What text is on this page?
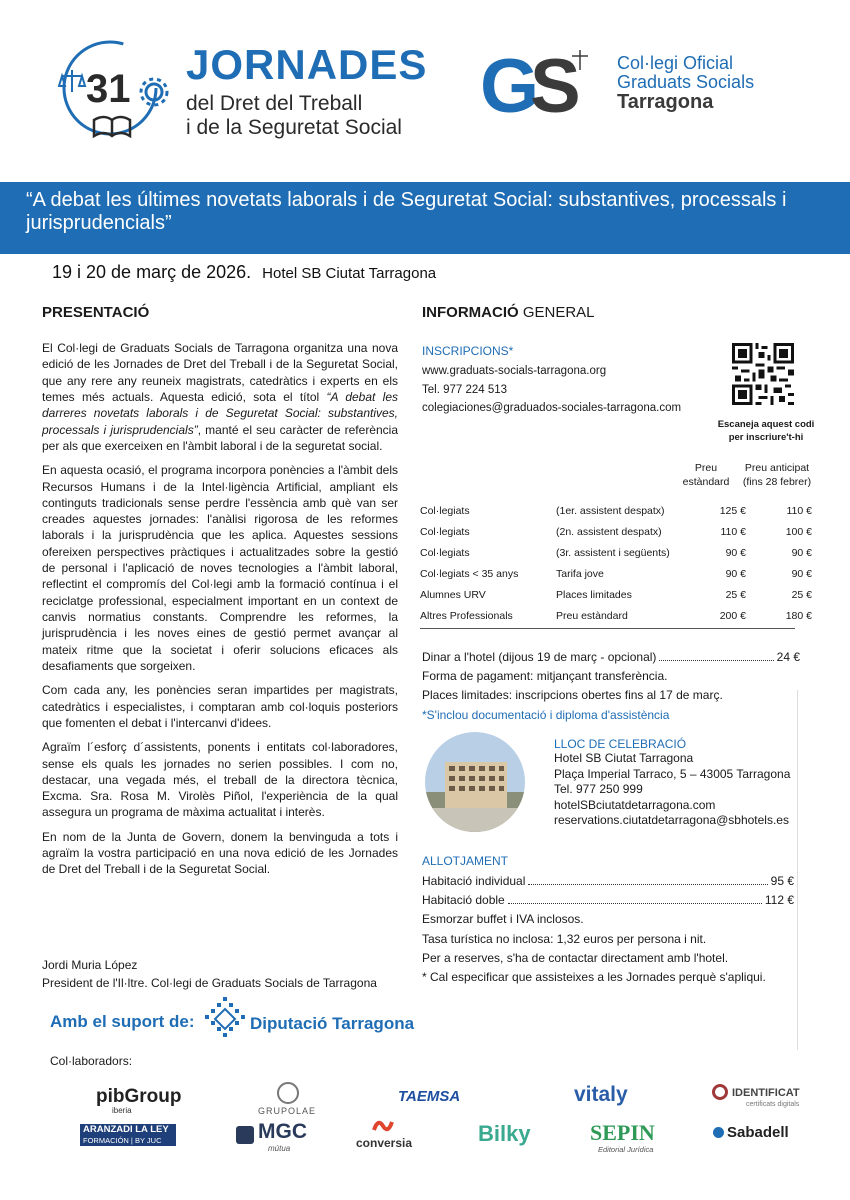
31
JORNADES
del Dret del Treball
i de la Seguretat Social G
S Col·legi Oficial
Graduats Socials
Tarragona
“A debat les últimes novetats laborals i de Seguretat Social: substantives, processals i jurisprudencials”
19 i 20 de març de 2026. Hotel SB Ciutat Tarragona
PRESENTACIÓ

El Col·legi de Graduats Socials de Tarragona organitza una nova edició de les Jornades de Dret del Treball i de la Seguretat Social, que any rere any reuneix magistrats, catedràtics i experts en els temes més actuals. Aquesta edició, sota el títol “A debat les darreres novetats laborals i de Seguretat Social: substantives, processals i jurisprudencials”, manté el seu caràcter de referència per als que exerceixen en l'àmbit laboral i de la seguretat social.

En aquesta ocasió, el programa incorpora ponències a l'àmbit dels Recursos Humans i de la Intel·ligència Artificial, ampliant els continguts tradicionals sense perdre l'essència amb què van ser creades aquestes jornades: l'anàlisi rigorosa de les reformes laborals i la jurisprudència que les aplica. Aquestes sessions ofereixen perspectives pràctiques i actualitzades sobre la gestió de personal i l'aplicació de noves tecnologies a l'àmbit laboral, reflectint el compromís del Col·legi amb la formació contínua i el reciclatge professional, especialment important en un context de canvis normatius constants. Comprendre les reformes, la jurisprudència i les noves eines de gestió permet avançar al mateix ritme que la societat i oferir solucions eficaces als desafiaments que sorgeixen.

Com cada any, les ponències seran impartides per magistrats, catedràtics i especialistes, i comptaran amb col·loquis posteriors que fomenten el debat i l'intercanvi d'idees.

Agraïm l´esforç d´assistents, ponents i entitats col·laboradores, sense els quals les jornades no serien possibles. I com no, destacar, una vegada més, el treball de la directora tècnica, Excma. Sra. Rosa M. Virolès Piñol, l'experiència de la qual assegura un programa de màxima actualitat i interès.

En nom de la Junta de Govern, donem la benvinguda a tots i agraïm la vostra participació en una nova edició de les Jornades de Dret del Treball i de la Seguretat Social.

Jordi Muria López
President de l'Il·ltre. Col·legi de Graduats Socials de Tarragona
Amb el suport de:	Diputació Tarragona
Col·laboradors:
pibGroup
iberia	GRUPOLAE
TAEMSA	vitaly	IDENTIFICAT
certificats digitals
ARANZADI LA LEY
FORMACIÓN | BY JUC	MGC
mútua	conversia	Bilky	SEPIN
Editorial Jurídica
Sabadell
INFORMACIÓ GENERAL
INSCRIPCIONS*
www.graduats-socials-tarragona.org
Tel. 977 224 513
colegiaciones@graduados-sociales-tarragona.com
Escaneja aquest codi per inscriure't-hi
Preu estàndard
Preu anticipat (fins 28 febrer)
Col·legiats	(1er. assistent despatx)	125 €	110 €
Col·legiats	(2n. assistent despatx)	110 €	100 €
Col·legiats	(3r. assistent i següents)	90 €	90 €
Col·legiats < 35 anys	Tarifa jove	90 €	90 €
Alumnes URV	Places limitades	25 €	25 €
Altres Professionals	Preu estàndard	200 €	180 €
Dinar a l'hotel (dijous 19 de març - opcional)	24 €
Forma de pagament: mitjançant transferència.
Places limitades: inscripcions obertes fins al 17 de març.
*S'inclou documentació i diploma d'assistència
LLOC DE CELEBRACIÓ
Hotel SB Ciutat Tarragona
Plaça Imperial Tarraco, 5 – 43005 Tarragona
Tel. 977 250 999
hotelSBciutatdetarragona.com
reservations.ciutatdetarragona@sbhotels.es
ALLOTJAMENT
Habitació individual	95 €
Habitació doble	112 €
Esmorzar buffet i IVA inclosos.
Tasa turística no inclosa: 1,32 euros per persona i nit.
Per a reserves, s'ha de contactar directament amb l'hotel.
* Cal especificar que assisteixes a les Jornades perquè s'apliqui.
